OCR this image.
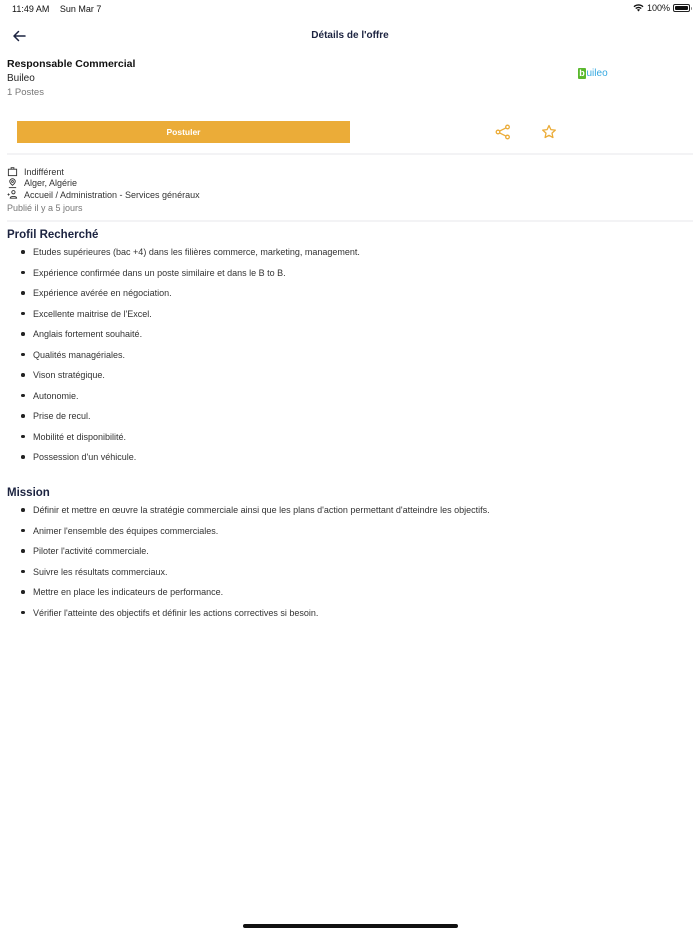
11:49 AM Sun Mar 7	100%
Détails de l'offre
Responsable Commercial
Buileo
1 Postes
b uileo
Postuler
Indifférent
Alger, Algérie
Accueil / Administration - Services généraux
Publié il y a 5 jours
Profil Recherché
Etudes supérieures (bac +4) dans les filières commerce, marketing, management.
Expérience confirmée dans un poste similaire et dans le B to B.
Expérience avérée en négociation.
Excellente maitrise de l'Excel.
Anglais fortement souhaité.
Qualités managériales.
Vison stratégique.
Autonomie.
Prise de recul.
Mobilité et disponibilité.
Possession d'un véhicule.
Mission
Définir et mettre en œuvre la stratégie commerciale ainsi que les plans d'action permettant d'atteindre les objectifs.
Animer l'ensemble des équipes commerciales.
Piloter l'activité commerciale.
Suivre les résultats commerciaux.
Mettre en place les indicateurs de performance.
Vérifier l'atteinte des objectifs et définir les actions correctives si besoin.
